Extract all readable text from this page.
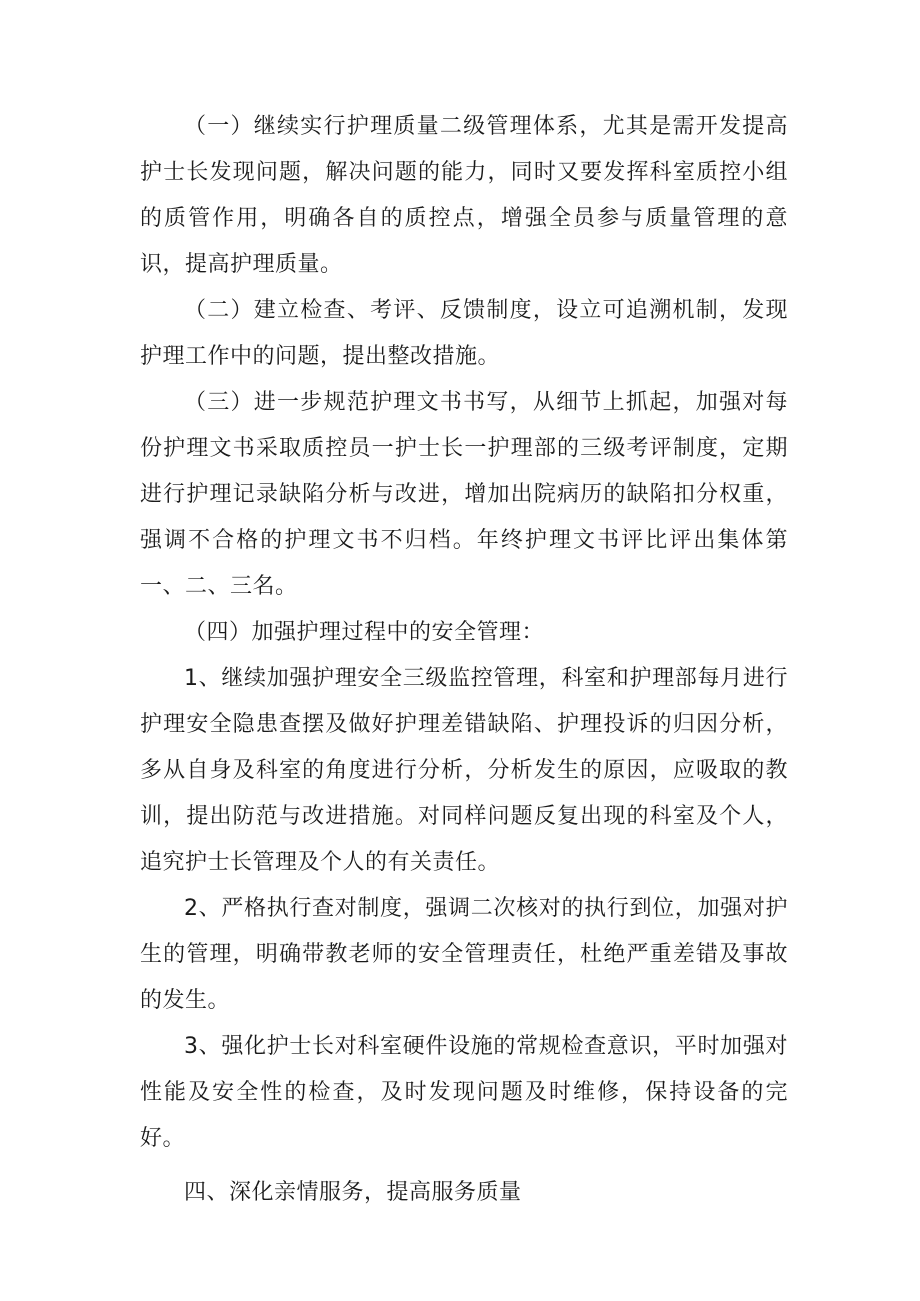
（一）继续实行护理质量二级管理体系，尤其是需开发提高护士长发现问题，解决问题的能力，同时又要发挥科室质控小组的质管作用，明确各自的质控点，增强全员参与质量管理的意识，提高护理质量。

（二）建立检查、考评、反馈制度，设立可追溯机制，发现护理工作中的问题，提出整改措施。

（三）进一步规范护理文书书写，从细节上抓起，加强对每份护理文书采取质控员一护士长一护理部的三级考评制度，定期进行护理记录缺陷分析与改进，增加出院病历的缺陷扣分权重，强调不合格的护理文书不归档。年终护理文书评比评出集体第一、二、三名。

（四）加强护理过程中的安全管理：

1、继续加强护理安全三级监控管理，科室和护理部每月进行护理安全隐患查摆及做好护理差错缺陷、护理投诉的归因分析，多从自身及科室的角度进行分析，分析发生的原因，应吸取的教训，提出防范与改进措施。对同样问题反复出现的科室及个人，追究护士长管理及个人的有关责任。

2、严格执行查对制度，强调二次核对的执行到位，加强对护生的管理，明确带教老师的安全管理责任，杜绝严重差错及事故的发生。

3、强化护士长对科室硬件设施的常规检查意识，平时加强对性能及安全性的检查，及时发现问题及时维修，保持设备的完好。

四、深化亲情服务，提高服务质量
